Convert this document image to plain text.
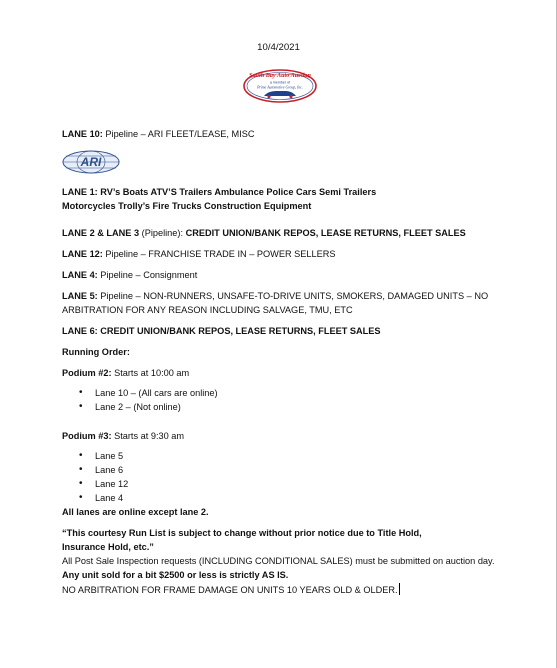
10/4/2021
South Bay Auto Auction
a member of
Prime Automotive Group, Inc.
LANE 10: Pipeline – ARI FLEET/LEASE, MISC
ARI
LANE 1: RV’s Boats ATV’S Trailers Ambulance Police Cars Semi Trailers
Motorcycles Trolly’s Fire Trucks Construction Equipment
LANE 2 & LANE 3 (Pipeline): CREDIT UNION/BANK REPOS, LEASE RETURNS, FLEET SALES
LANE 12: Pipeline – FRANCHISE TRADE IN – POWER SELLERS
LANE 4: Pipeline – Consignment
LANE 5: Pipeline – NON-RUNNERS, UNSAFE-TO-DRIVE UNITS, SMOKERS, DAMAGED UNITS – NO
ARBITRATION FOR ANY REASON INCLUDING SALVAGE, TMU, ETC
LANE 6: CREDIT UNION/BANK REPOS, LEASE RETURNS, FLEET SALES
Running Order:
Podium #2: Starts at 10:00 am
• Lane 10 – (All cars are online)
• Lane 2 – (Not online)
Podium #3: Starts at 9:30 am
• Lane 5
• Lane 6
• Lane 12
• Lane 4
All lanes are online except lane 2.
“This courtesy Run List is subject to change without prior notice due to Title Hold,
Insurance Hold, etc.”
All Post Sale Inspection requests (INCLUDING CONDITIONAL SALES) must be submitted on auction day.
Any unit sold for a bit $2500 or less is strictly AS IS.
NO ARBITRATION FOR FRAME DAMAGE ON UNITS 10 YEARS OLD & OLDER.
